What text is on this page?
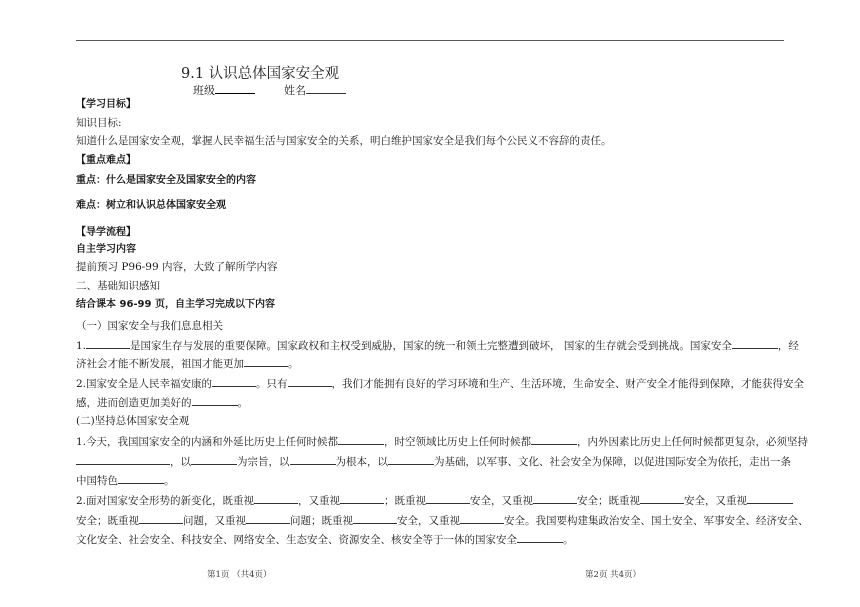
9.1 认识总体国家安全观
班级	姓名
【学习目标】
知识目标:
知道什么是国家安全观，掌握人民幸福生活与国家安全的关系，明白维护国家安全是我们每个公民义不容辞的责任。
【重点难点】
重点：什么是国家安全及国家安全的内容
难点：树立和认识总体国家安全观
【导学流程】
自主学习内容
提前预习 P96-99 内容，大致了解所学内容
二、基础知识感知
结合课本 96-99 页，自主学习完成以下内容
（一）国家安全与我们息息相关
1.	是国家生存与发展的重要保障。国家政权和主权受到威胁，国家的统一和领土完整遭到破坏， 国家的生存就会受到挑战。国家安全	，经
济社会才能不断发展，祖国才能更加	。
2.国家安全是人民幸福安康的	。只有	，我们才能拥有良好的学习环境和生产、生活环境，生命安全、财产安全才能得到保障，才能获得安全
感，进而创造更加美好的	。
(二)坚持总体国家安全观
1.今天，我国国家安全的内涵和外延比历史上任何时候都	，时空领域比历史上任何时候都	，内外因素比历史上任何时候都更复杂，必须坚持
，以	为宗旨，以	为根本，以	为基础，以军事、文化、社会安全为保障，以促进国际安全为依托，走出一条
中国特色	。
2.面对国家安全形势的新变化，既重视	，又重视	；既重视	安全，又重视	安全；既重视	安全，又重视
安全；既重视	问题，又重视	问题；既重视	安全，又重视	安全。我国要构建集政治安全、国土安全、军事安全、经济安全、
文化安全、社会安全、科技安全、网络安全、生态安全、资源安全、核安全等于一体的国家安全	。
第1页 （共4页）	第2页 共4页）
